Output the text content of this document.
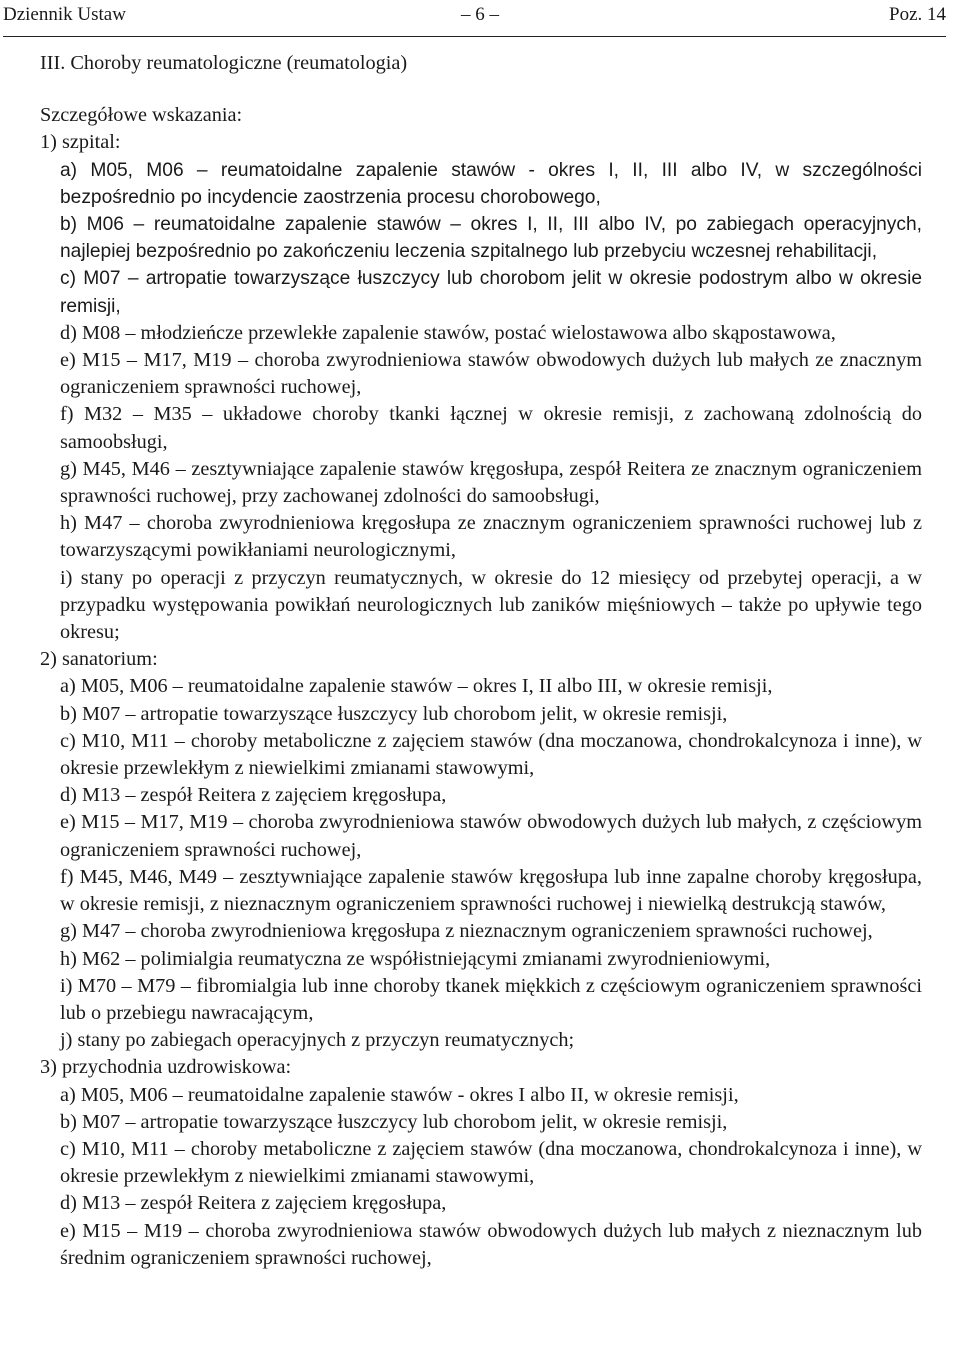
Dziennik Ustaw	– 6 –	Poz. 14
III. Choroby reumatologiczne (reumatologia)

Szczegółowe wskazania:

1) szpital:

a) M05, M06 – reumatoidalne zapalenie stawów - okres I, II, III albo IV, w szczególności bezpośrednio po incydencie zaostrzenia procesu chorobowego,

b) M06 – reumatoidalne zapalenie stawów – okres I, II, III albo IV, po zabiegach operacyjnych, najlepiej bezpośrednio po zakończeniu leczenia szpitalnego lub przebyciu wczesnej rehabilitacji,

c) M07 – artropatie towarzyszące łuszczycy lub chorobom jelit w okresie podostrym albo w okresie remisji,

d) M08 – młodzieńcze przewlekłe zapalenie stawów, postać wielostawowa albo skąpostawowa,

e) M15 – M17, M19 – choroba zwyrodnieniowa stawów obwodowych dużych lub małych ze znacznym ograniczeniem sprawności ruchowej,

f) M32 – M35 – układowe choroby tkanki łącznej w okresie remisji, z zachowaną zdolnością do samoobsługi,

g) M45, M46 – zesztywniające zapalenie stawów kręgosłupa, zespół Reitera ze znacznym ograniczeniem sprawności ruchowej, przy zachowanej zdolności do samoobsługi,

h) M47 – choroba zwyrodnieniowa kręgosłupa ze znacznym ograniczeniem sprawności ruchowej lub z towarzyszącymi powikłaniami neurologicznymi,

i) stany po operacji z przyczyn reumatycznych, w okresie do 12 miesięcy od przebytej operacji, a w przypadku występowania powikłań neurologicznych lub zaników mięśniowych – także po upływie tego okresu;

2) sanatorium:

a) M05, M06 – reumatoidalne zapalenie stawów – okres I, II albo III, w okresie remisji,

b) M07 – artropatie towarzyszące łuszczycy lub chorobom jelit, w okresie remisji,

c) M10, M11 – choroby metaboliczne z zajęciem stawów (dna moczanowa, chondrokalcynoza i inne), w okresie przewlekłym z niewielkimi zmianami stawowymi,

d) M13 – zespół Reitera z zajęciem kręgosłupa,

e) M15 – M17, M19 – choroba zwyrodnieniowa stawów obwodowych dużych lub małych, z częściowym ograniczeniem sprawności ruchowej,

f) M45, M46, M49 – zesztywniające zapalenie stawów kręgosłupa lub inne zapalne choroby kręgosłupa, w okresie remisji, z nieznacznym ograniczeniem sprawności ruchowej i niewielką destrukcją stawów,

g) M47 – choroba zwyrodnieniowa kręgosłupa z nieznacznym ograniczeniem sprawności ruchowej,

h) M62 – polimialgia reumatyczna ze współistniejącymi zmianami zwyrodnieniowymi,

i) M70 – M79 – fibromialgia lub inne choroby tkanek miękkich z częściowym ograniczeniem sprawności lub o przebiegu nawracającym,

j) stany po zabiegach operacyjnych z przyczyn reumatycznych;

3) przychodnia uzdrowiskowa:

a) M05, M06 – reumatoidalne zapalenie stawów - okres I albo II, w okresie remisji,

b) M07 – artropatie towarzyszące łuszczycy lub chorobom jelit, w okresie remisji,

c) M10, M11 – choroby metaboliczne z zajęciem stawów (dna moczanowa, chondrokalcynoza i inne), w okresie przewlekłym z niewielkimi zmianami stawowymi,

d) M13 – zespół Reitera z zajęciem kręgosłupa,

e) M15 – M19 – choroba zwyrodnieniowa stawów obwodowych dużych lub małych z nieznacznym lub średnim ograniczeniem sprawności ruchowej,
